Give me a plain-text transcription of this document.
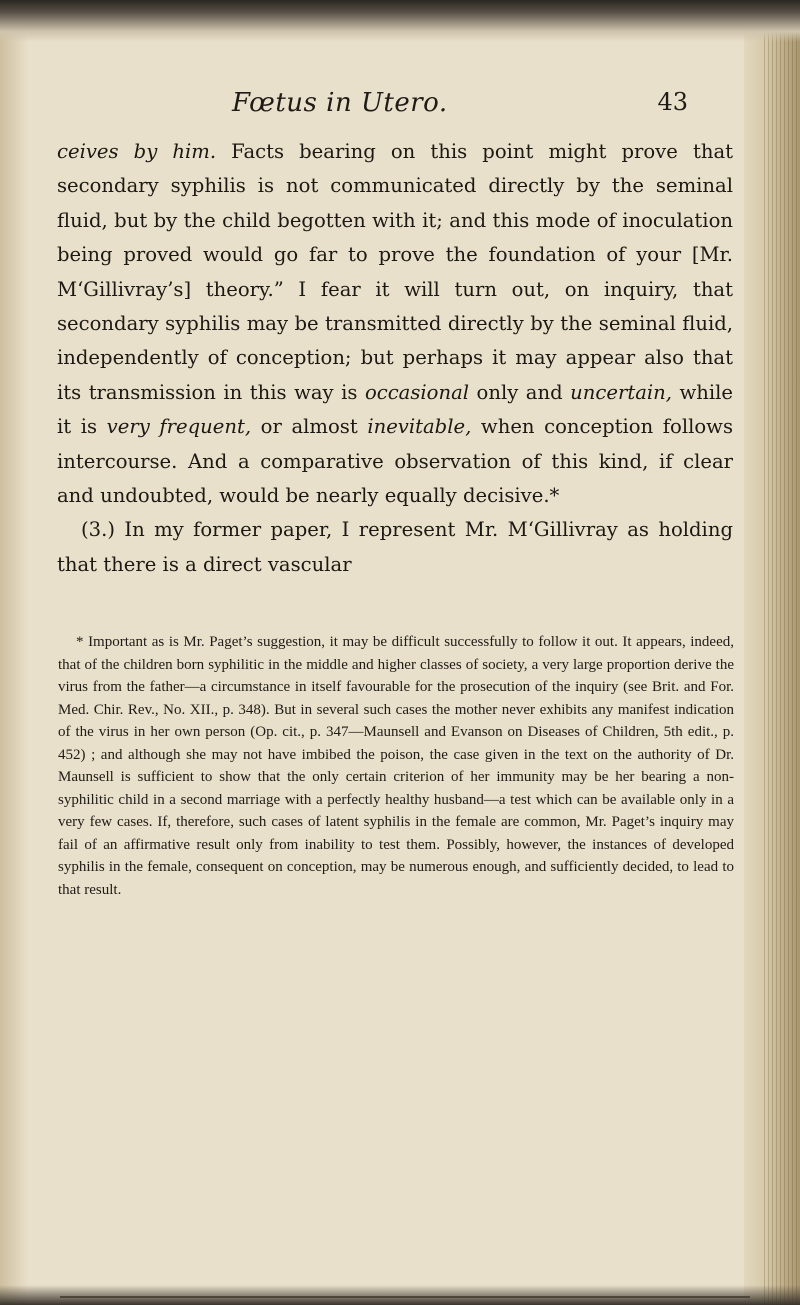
Fœtus in Utero.	43

ceives by him. Facts bearing on this point might prove that secondary syphilis is not communicated directly by the seminal fluid, but by the child begotten with it; and this mode of inoculation being proved would go far to prove the foundation of your [Mr. M‘Gillivray’s] theory.” I fear it will turn out, on inquiry, that secondary syphilis may be transmitted directly by the seminal fluid, independently of conception; but perhaps it may appear also that its transmission in this way is occasional only and uncertain, while it is very frequent, or almost inevitable, when conception follows intercourse. And a comparative observation of this kind, if clear and undoubted, would be nearly equally decisive.*

(3.) In my former paper, I represent Mr. M‘Gillivray as holding that there is a direct vascular

* Important as is Mr. Paget’s suggestion, it may be difficult successfully to follow it out. It appears, indeed, that of the children born syphilitic in the middle and higher classes of society, a very large proportion derive the virus from the father—a circumstance in itself favourable for the prosecution of the inquiry (see Brit. and For. Med. Chir. Rev., No. XII., p. 348). But in several such cases the mother never exhibits any manifest indication of the virus in her own person (Op. cit., p. 347—Maunsell and Evanson on Diseases of Children, 5th edit., p. 452) ; and although she may not have imbibed the poison, the case given in the text on the authority of Dr. Maunsell is sufficient to show that the only certain criterion of her immunity may be her bearing a non-syphilitic child in a second marriage with a perfectly healthy husband—a test which can be available only in a very few cases. If, therefore, such cases of latent syphilis in the female are common, Mr. Paget’s inquiry may fail of an affirmative result only from inability to test them. Possibly, however, the instances of developed syphilis in the female, consequent on conception, may be numerous enough, and sufficiently decided, to lead to that result.
